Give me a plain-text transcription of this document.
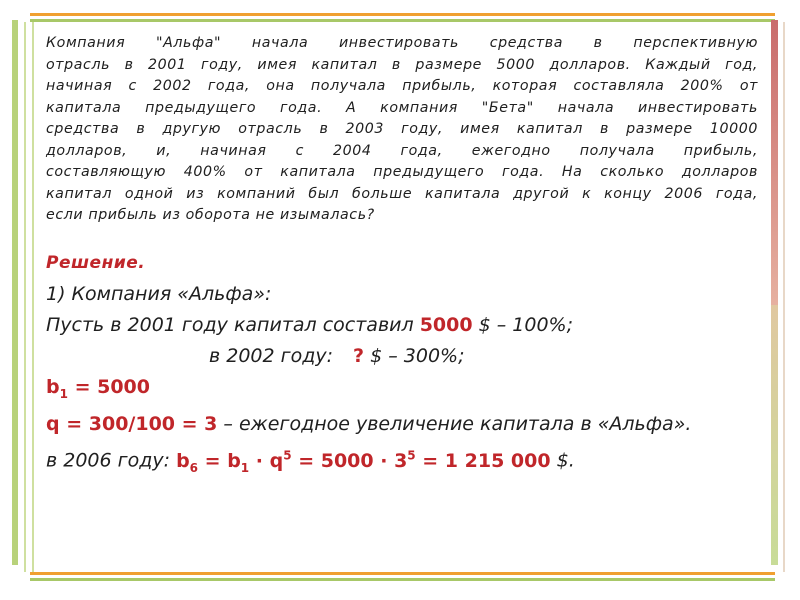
Компания "Альфа" начала инвестировать средства в перспективную
отрасль в 2001 году, имея капитал в размере 5000 долларов. Каждый год,
начиная с 2002 года, она получала прибыль, которая составляла 200% от
капитала предыдущего года. А компания "Бета" начала инвестировать
средства в другую отрасль в 2003 году, имея капитал в размере 10000
долларов, и, начиная с 2004 года, ежегодно получала прибыль,
составляющую 400% от капитала предыдущего года. На сколько долларов
капитал одной из компаний был больше капитала другой к концу 2006 года,
если прибыль из оборота не изымалась?
Решение.
1) Компания «Альфа»:
Пусть в 2001 году капитал составил 5000 $ – 100%;
в 2002 году: ? $ – 300%;
$b_1 = 5000$
q = 300/100 = 3 – ежегодное увеличение капитала в «Альфа».
в 2006 году: $b_6 = b_1 \cdot q^5 = 5000 \cdot 3^5 = 1$ 215 000 $.
